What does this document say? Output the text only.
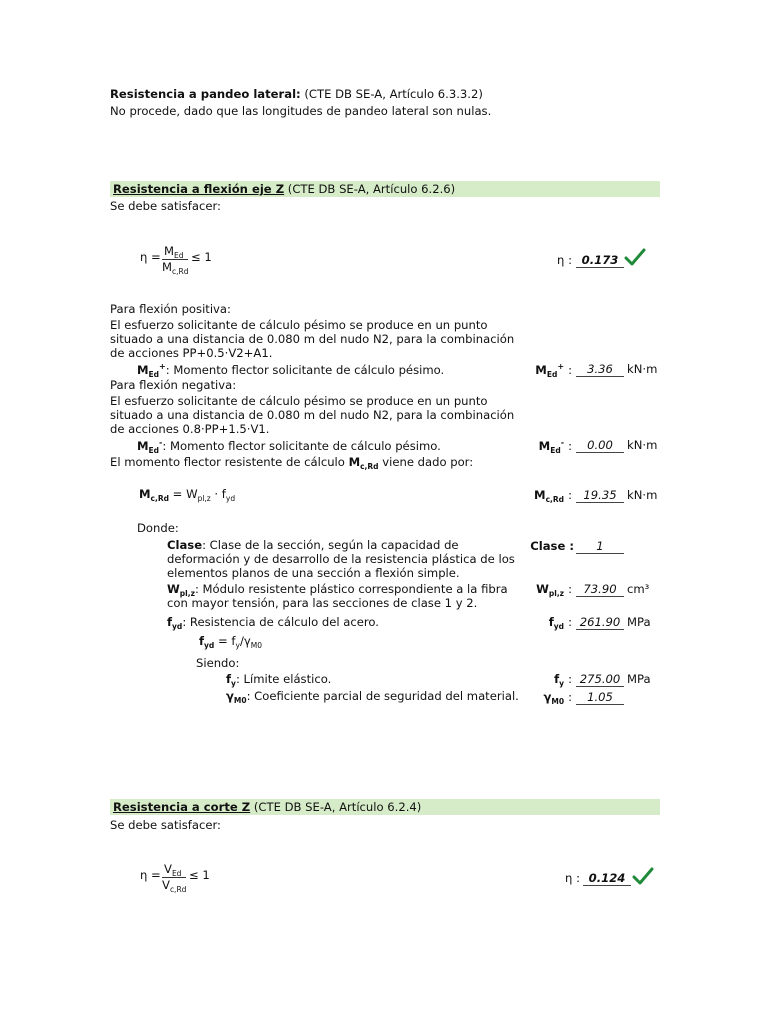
Resistencia a pandeo lateral: (CTE DB SE-A, Artículo 6.3.3.2)
No procede, dado que las longitudes de pandeo lateral son nulas.
Resistencia a flexión eje Z (CTE DB SE-A, Artículo 6.2.6)
Se debe satisfacer:
$\eta = M_{Ed}$
$M_{c,Rd}$
≤ 1	η : 0.173
Para flexión positiva:
El esfuerzo solicitante de cálculo pésimo se produce en un punto
situado a una distancia de 0.080 m del nudo N2, para la combinación
de acciones PP+0.5·V2+A1.
$M_{Ed}^+$: Momento flector solicitante de cálculo pésimo.	$M_{Ed}^+$ :	3.36	kN·m
Para flexión negativa:
El esfuerzo solicitante de cálculo pésimo se produce en un punto
situado a una distancia de 0.080 m del nudo N2, para la combinación
de acciones 0.8·PP+1.5·V1.
$M_{Ed}^-$: Momento flector solicitante de cálculo pésimo.	$M_{Ed}^-$ :	0.00	kN·m
El momento flector resistente de cálculo $M_{c,Rd}$ viene dado por:
$M_{c,Rd} = W_{pl,z} \cdot f_{yd}$	$M_{c,Rd}$ : 19.35 kN·m
Donde:
Clase: Clase de la sección, según la capacidad de
deformación y de desarrollo de la resistencia plástica de los
elementos planos de una sección a flexión simple.
Clase :	1
$W_{pl,z}$: Módulo resistente plástico correspondiente a la fibra
con mayor tensión, para las secciones de clase 1 y 2.
$W_{pl,z}$ : 73.90 cm³
$f_{yd}$: Resistencia de cálculo del acero.	$f_{yd}$ : 261.90 MPa
$f_{yd} = f_y/\gamma_{M0}$
Siendo:
$f_y$: Límite elástico.	$f_y$ : 275.00 MPa
$\gamma_{M0}$: Coeficiente parcial de seguridad del material.	$\gamma_{M0}$ :	1.05
Resistencia a corte Z (CTE DB SE-A, Artículo 6.2.4)
Se debe satisfacer:
$\eta = V_{Ed}$
$V_{c,Rd}$
≤ 1	η : 0.124
